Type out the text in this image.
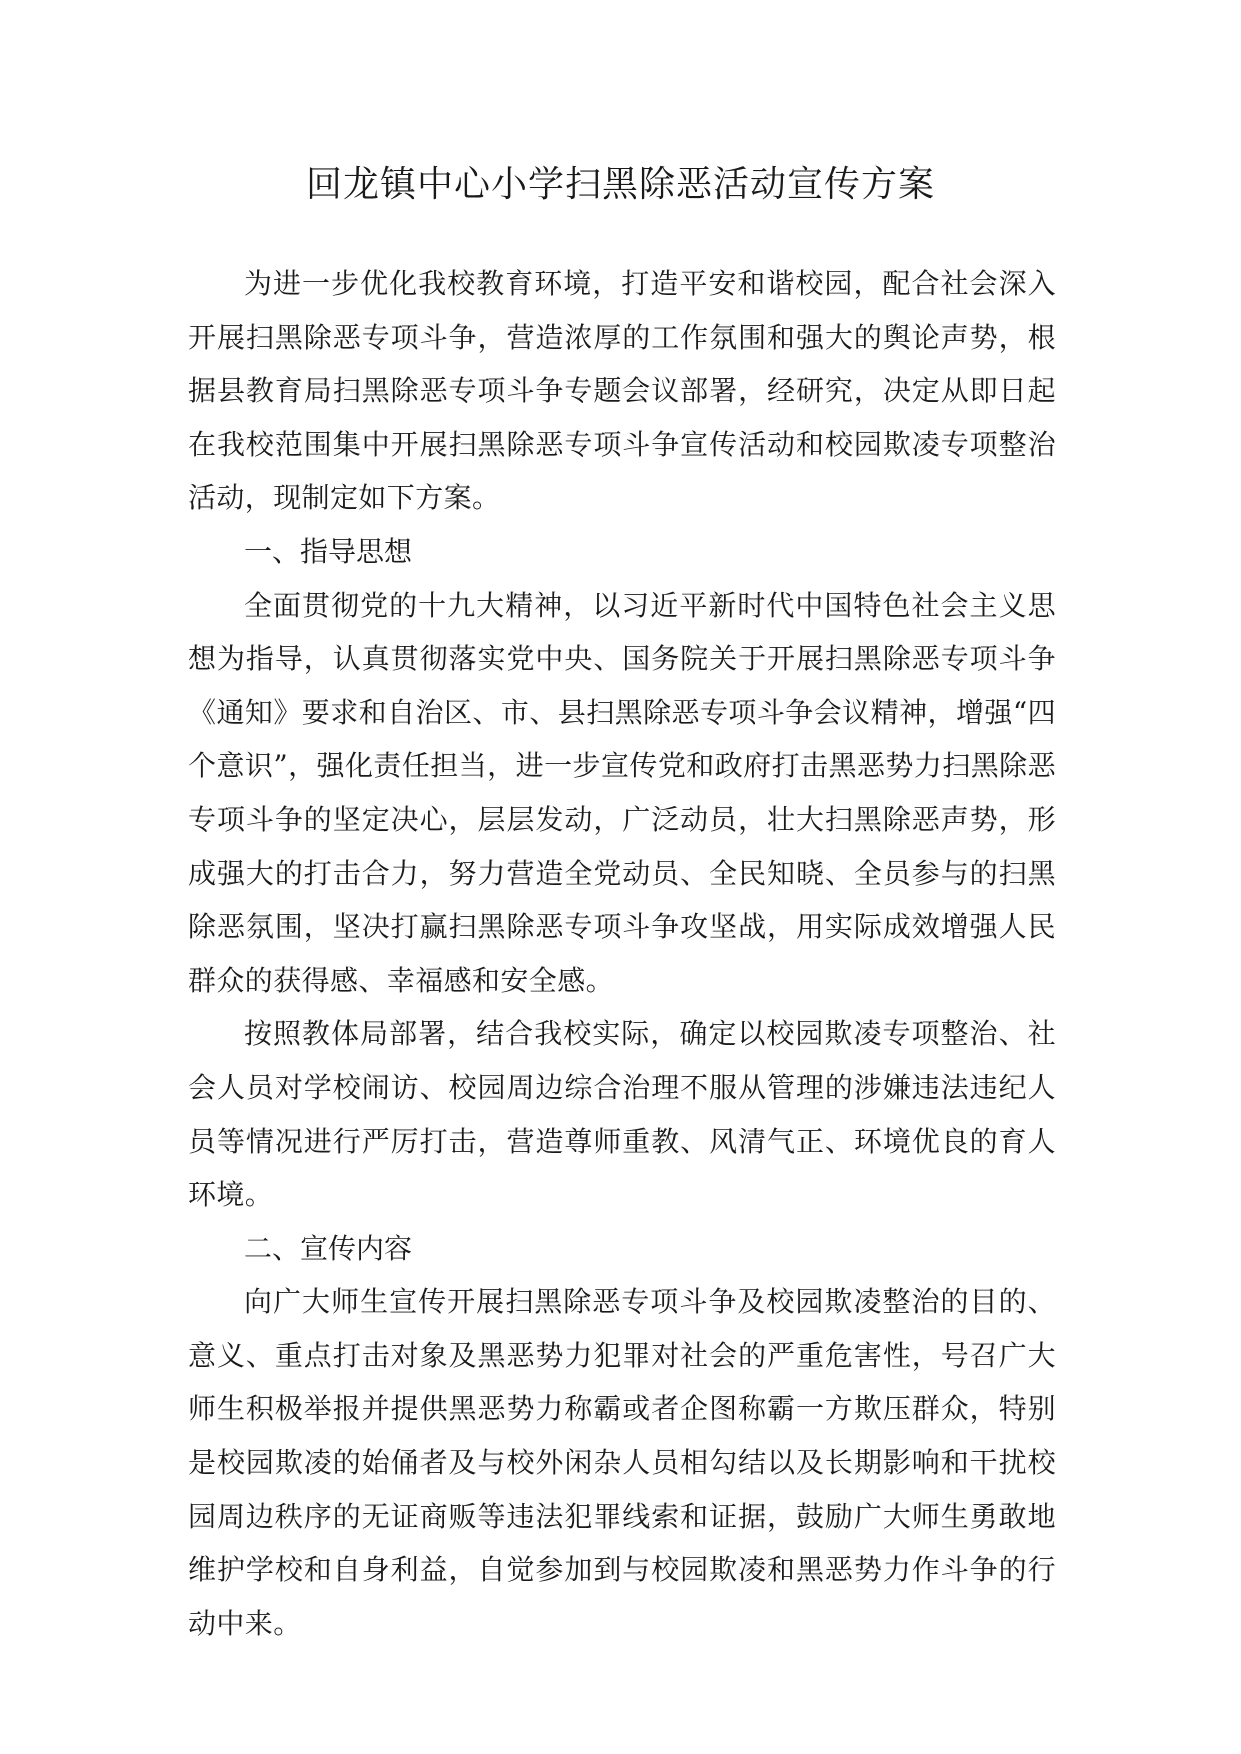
回龙镇中心小学扫黑除恶活动宣传方案

为进一步优化我校教育环境，打造平安和谐校园，配合社会深入开展扫黑除恶专项斗争，营造浓厚的工作氛围和强大的舆论声势，根据县教育局扫黑除恶专项斗争专题会议部署，经研究，决定从即日起在我校范围集中开展扫黑除恶专项斗争宣传活动和校园欺凌专项整治活动，现制定如下方案。

一、指导思想

全面贯彻党的十九大精神，以习近平新时代中国特色社会主义思想为指导，认真贯彻落实党中央、国务院关于开展扫黑除恶专项斗争《通知》要求和自治区、市、县扫黑除恶专项斗争会议精神，增强“四个意识”，强化责任担当，进一步宣传党和政府打击黑恶势力扫黑除恶专项斗争的坚定决心，层层发动，广泛动员，壮大扫黑除恶声势，形成强大的打击合力，努力营造全党动员、全民知晓、全员参与的扫黑除恶氛围，坚决打赢扫黑除恶专项斗争攻坚战，用实际成效增强人民群众的获得感、幸福感和安全感。

按照教体局部署，结合我校实际，确定以校园欺凌专项整治、社会人员对学校闹访、校园周边综合治理不服从管理的涉嫌违法违纪人员等情况进行严厉打击，营造尊师重教、风清气正、环境优良的育人环境。

二、宣传内容

向广大师生宣传开展扫黑除恶专项斗争及校园欺凌整治的目的、意义、重点打击对象及黑恶势力犯罪对社会的严重危害性，号召广大师生积极举报并提供黑恶势力称霸或者企图称霸一方欺压群众，特别是校园欺凌的始俑者及与校外闲杂人员相勾结以及长期影响和干扰校园周边秩序的无证商贩等违法犯罪线索和证据，鼓励广大师生勇敢地维护学校和自身利益，自觉参加到与校园欺凌和黑恶势力作斗争的行动中来。
